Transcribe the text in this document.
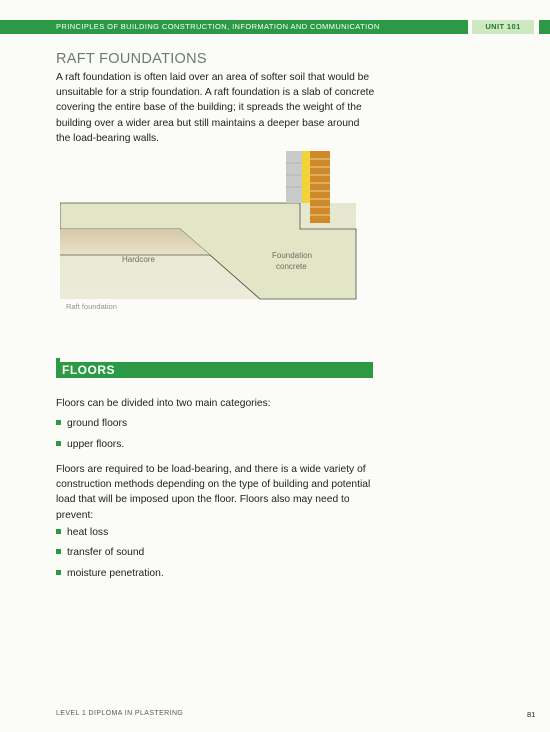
PRINCIPLES OF BUILDING CONSTRUCTION, INFORMATION AND COMMUNICATION	UNIT 101
RAFT FOUNDATIONS

A raft foundation is often laid over an area of softer soil that would be unsuitable for a strip foundation. A raft foundation is a slab of concrete covering the entire base of the building; it spreads the weight of the building over a wider area but still maintains a deeper base around the load-bearing walls.

Hardcore	Foundation
concrete
Raft foundation
FLOORS

Floors can be divided into two main categories:

ground floors
upper floors.

Floors are required to be load-bearing, and there is a wide variety of construction methods depending on the type of building and potential load that will be imposed upon the floor. Floors also may need to prevent:

heat loss
transfer of sound
moisture penetration.
LEVEL 1 DIPLOMA IN PLASTERING	81
